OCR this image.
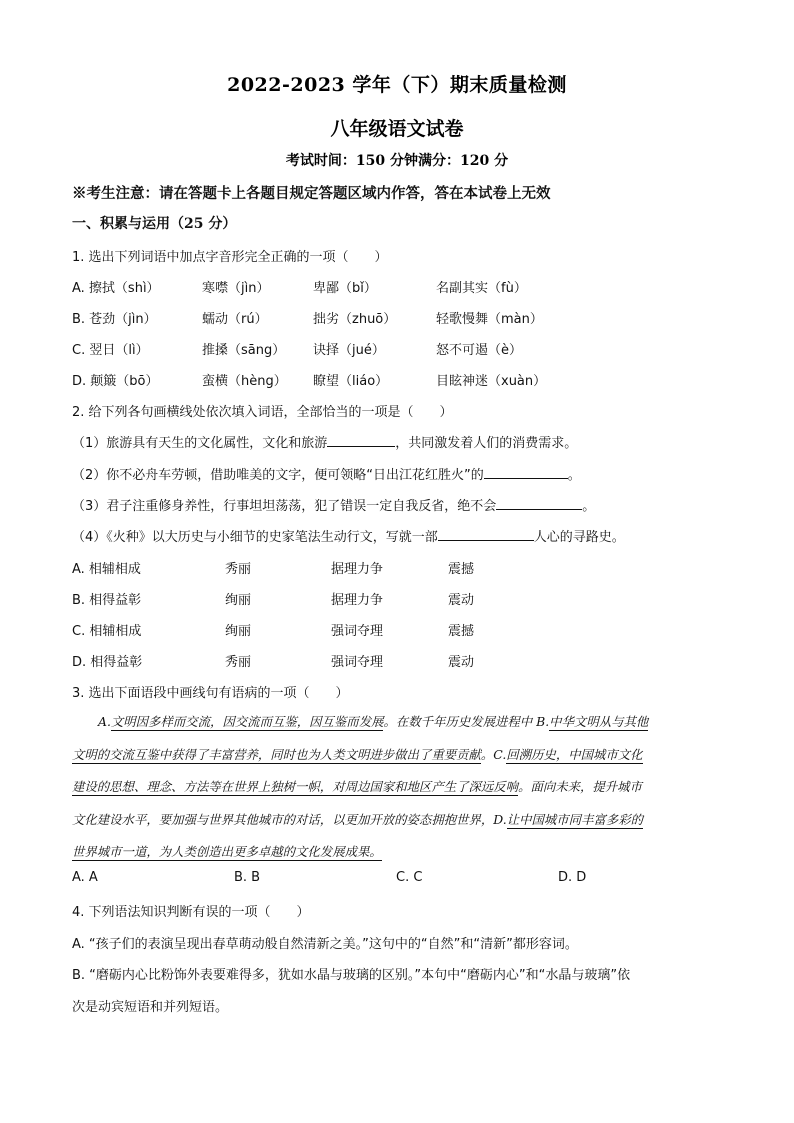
2022-2023 学年（下）期末质量检测
八年级语文试卷
考试时间：150 分钟满分：120 分
※考生注意：请在答题卡上各题目规定答题区域内作答，答在本试卷上无效
一、积累与运用（25 分）
1. 选出下列词语中加点字音形完全正确的一项（　　）
A. 擦拭（shì）	寒噤（jìn）	卑鄙（bǐ）	名副其实（fù）
B. 苍劲（jìn）	蠕动（rú）	拙劣（zhuō）	轻歌慢舞（màn）
C. 翌日（lì）	推搡（sāng） 诀择（jué）	怒不可遏（è）
D. 颠簸（bō）	蛮横（hèng） 瞭望（liáo）	目眩神迷（xuàn）
2. 给下列各句画横线处依次填入词语，全部恰当的一项是（　　）
（1）旅游具有天生的文化属性，文化和旅游	，共同激发着人们的消费需求。
（2）你不必舟车劳顿，借助唯美的文字，便可领略“日出江花红胜火”的	。
（3）君子注重修身养性，行事坦坦荡荡，犯了错误一定自我反省，绝不会	。
（4）《火种》以大历史与小细节的史家笔法生动行文，写就一部	人心的寻路史。
A. 相辅相成	秀丽	据理力争	震撼
B. 相得益彰	绚丽	据理力争	震动
C. 相辅相成	绚丽	强词夺理	震撼
D. 相得益彰	秀丽	强词夺理	震动
3. 选出下面语段中画线句有语病的一项（　　）

A.文明因多样而交流，因交流而互鉴，因互鉴而发展。在数千年历史发展进程中 B.中华文明从与其他

文明的交流互鉴中获得了丰富营养，同时也为人类文明进步做出了重要贡献。C.回溯历史，中国城市文化

建设的思想、理念、方法等在世界上独树一帜，对周边国家和地区产生了深远反响。面向未来，提升城市

文化建设水平，要加强与世界其他城市的对话，以更加开放的姿态拥抱世界，D.让中国城市同丰富多彩的

世界城市一道，为人类创造出更多卓越的文化发展成果。

A. A	B. B	C. C	D. D
4. 下列语法知识判断有误的一项（　　）
A. “孩子们的表演呈现出春草萌动般自然清新之美。”这句中的“自然”和“清新”都形容词。
B. “磨砺内心比粉饰外表要难得多，犹如水晶与玻璃的区别。”本句中“磨砺内心”和“水晶与玻璃”依
次是动宾短语和并列短语。
